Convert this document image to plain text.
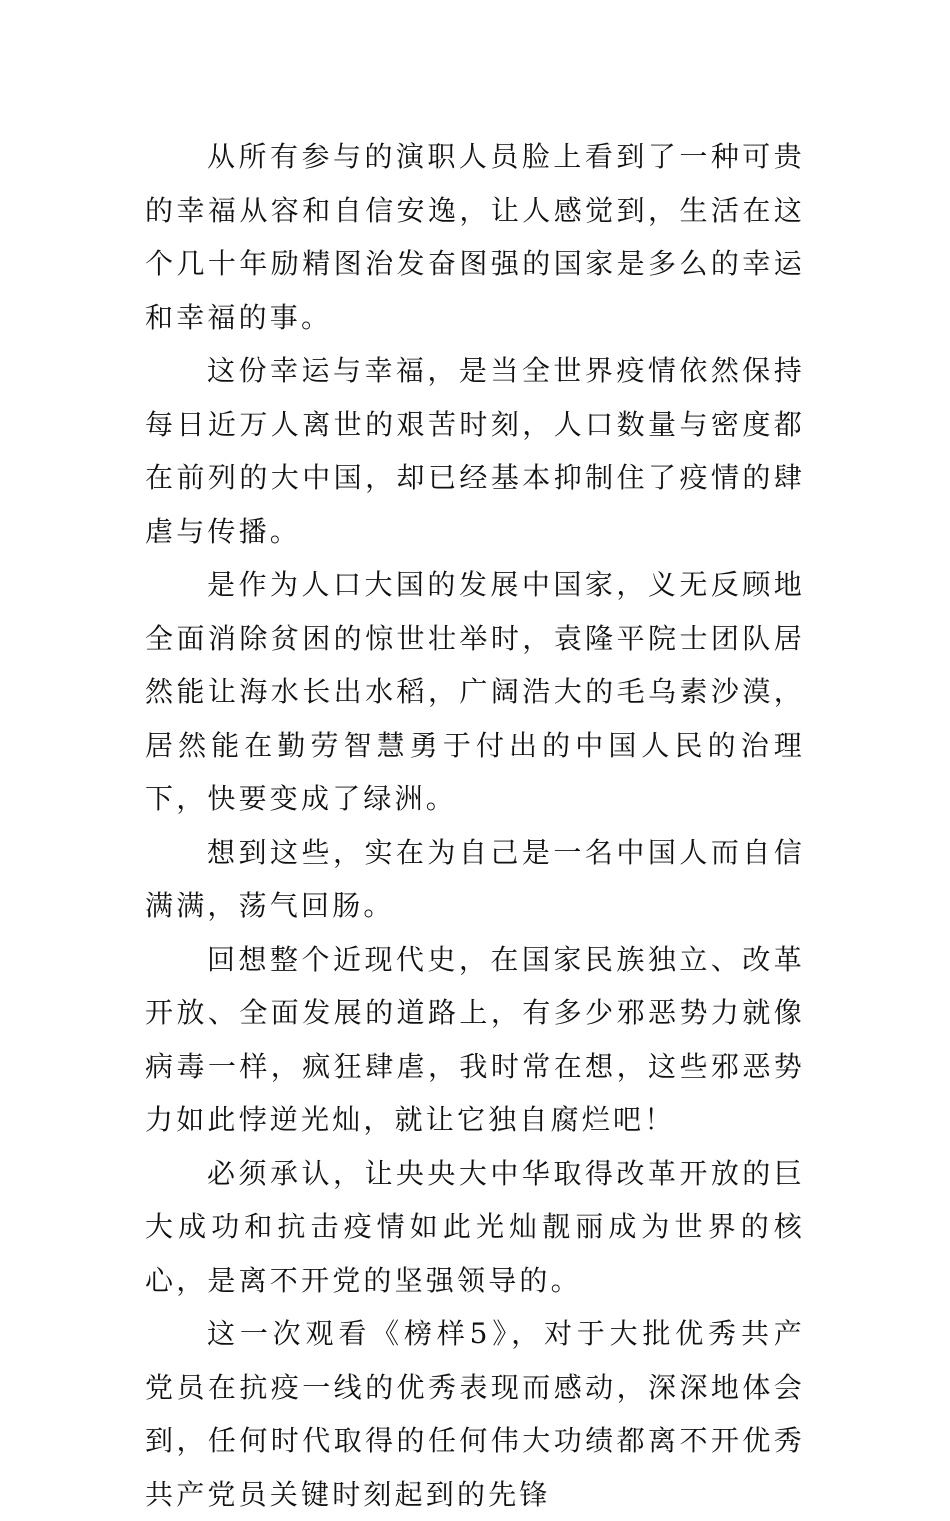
从所有参与的演职人员脸上看到了一种可贵的幸福从容和自信安逸，让人感觉到，生活在这个几十年励精图治发奋图强的国家是多么的幸运和幸福的事。

这份幸运与幸福，是当全世界疫情依然保持每日近万人离世的艰苦时刻，人口数量与密度都在前列的大中国，却已经基本抑制住了疫情的肆虐与传播。

是作为人口大国的发展中国家，义无反顾地全面消除贫困的惊世壮举时，袁隆平院士团队居然能让海水长出水稻，广阔浩大的毛乌素沙漠，居然能在勤劳智慧勇于付出的中国人民的治理下，快要变成了绿洲。

想到这些，实在为自己是一名中国人而自信满满，荡气回肠。

回想整个近现代史，在国家民族独立、改革开放、全面发展的道路上，有多少邪恶势力就像病毒一样，疯狂肆虐，我时常在想，这些邪恶势力如此悖逆光灿，就让它独自腐烂吧！

必须承认，让央央大中华取得改革开放的巨大成功和抗击疫情如此光灿靓丽成为世界的核心，是离不开党的坚强领导的。

这一次观看《榜样5》，对于大批优秀共产党员在抗疫一线的优秀表现而感动，深深地体会到，任何时代取得的任何伟大功绩都离不开优秀共产党员关键时刻起到的先锋
